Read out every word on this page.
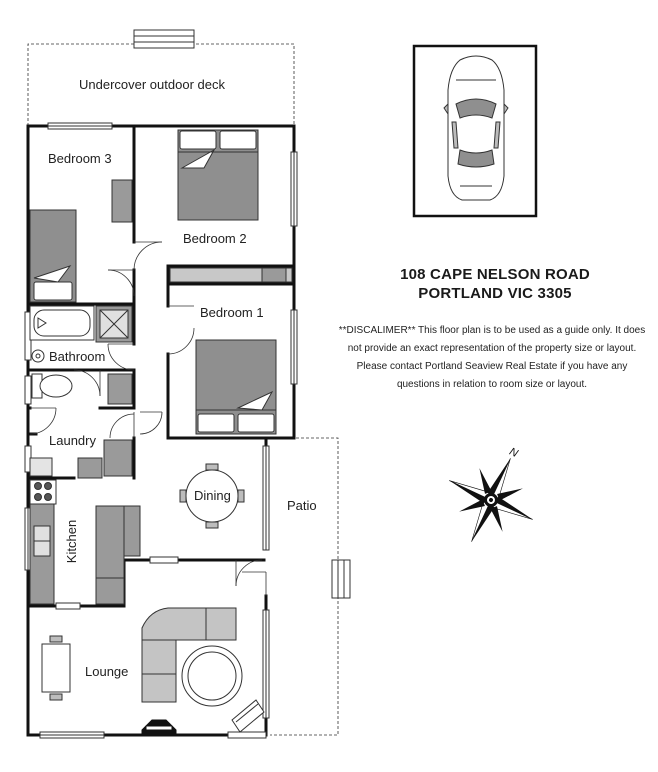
N
Undercover outdoor deck
Bedroom 3
Bedroom 2
Bedroom 1
Bathroom
Laundry
Dining
Kitchen
Patio
Lounge
108 CAPE NELSON ROAD
PORTLAND VIC 3305
**DISCALIMER** This floor plan is to be used as a guide only. It does not provide an exact representation of the property size or layout. Please contact Portland Seaview Real Estate if you have any questions in relation to room size or layout.
